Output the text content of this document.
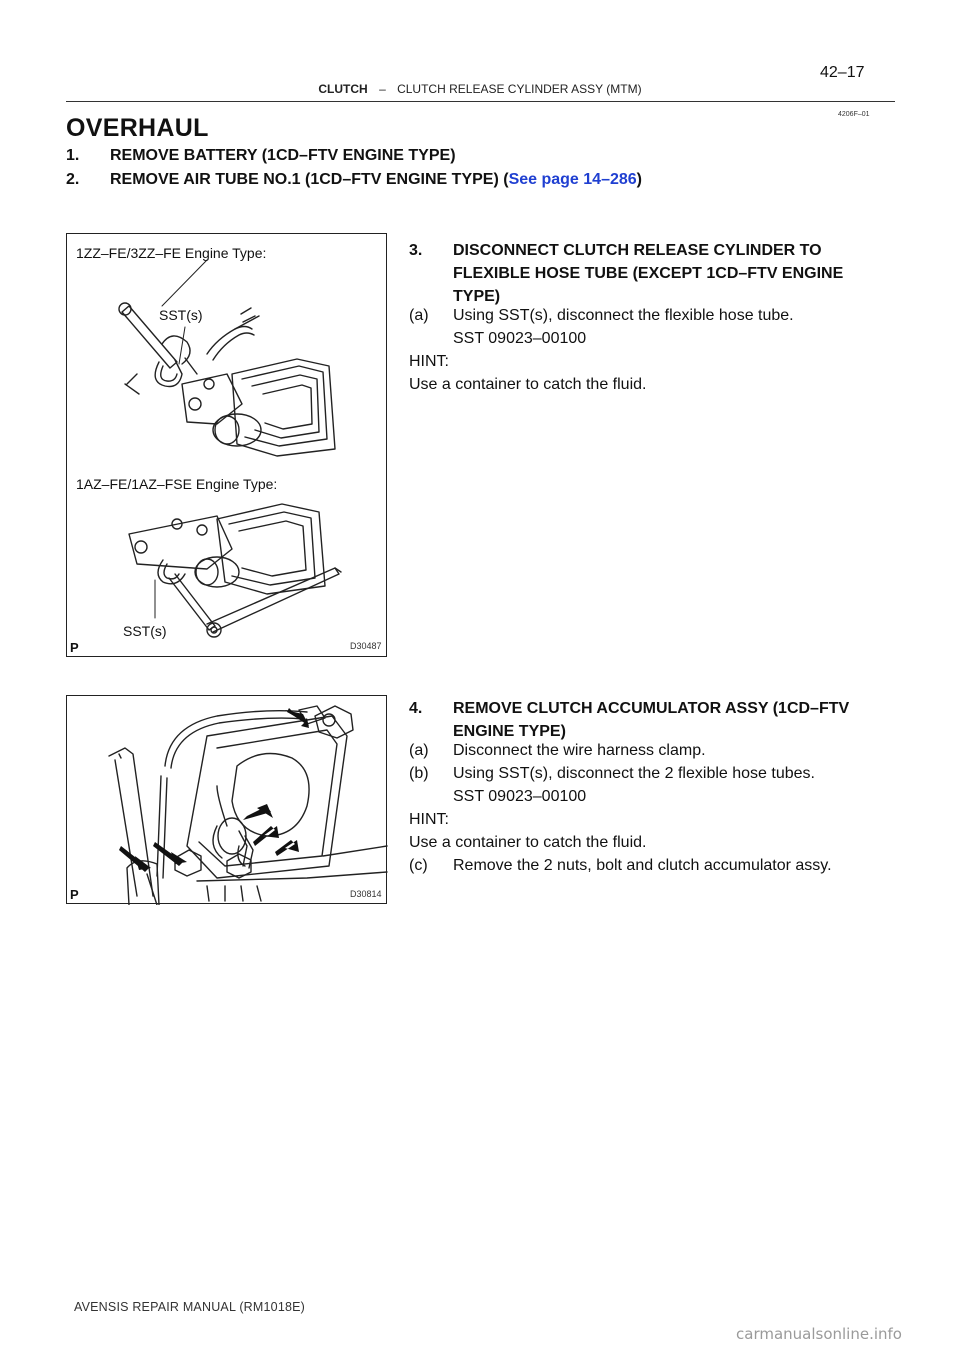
CLUTCH – CLUTCH RELEASE CYLINDER ASSY (MTM)
42–17
4206F–01
OVERHAUL
1. REMOVE BATTERY (1CD–FTV ENGINE TYPE)
2. REMOVE AIR TUBE NO.1 (1CD–FTV ENGINE TYPE) (See page 14–286)
1ZZ–FE/3ZZ–FE Engine Type:
SST(s)
1AZ–FE/1AZ–FSE Engine Type:
SST(s)
P	D30487
3. DISCONNECT CLUTCH RELEASE CYLINDER TO
FLEXIBLE HOSE TUBE (EXCEPT 1CD–FTV ENGINE
TYPE)
(a) Using SST(s), disconnect the flexible hose tube.
SST 09023–00100
HINT:
Use a container to catch the fluid.
P	D30814
4. REMOVE CLUTCH ACCUMULATOR ASSY (1CD–FTV
ENGINE TYPE)
(a) Disconnect the wire harness clamp.
(b) Using SST(s), disconnect the 2 flexible hose tubes.
SST 09023–00100
HINT:
Use a container to catch the fluid.
(c) Remove the 2 nuts, bolt and clutch accumulator assy.
AVENSIS REPAIR MANUAL (RM1018E)
carmanualsonline.info
